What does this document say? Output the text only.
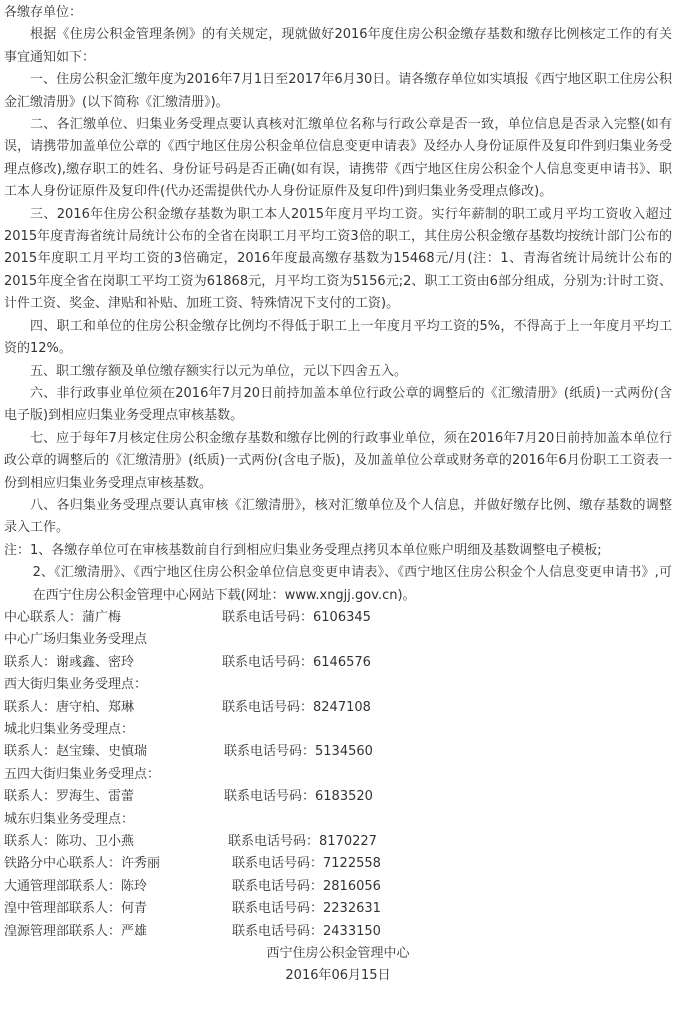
各缴存单位：

根据《住房公积金管理条例》的有关规定，现就做好2016年度住房公积金缴存基数和缴存比例核定工作的有关事宜通知如下：

一、住房公积金汇缴年度为2016年7月1日至2017年6月30日。请各缴存单位如实填报《西宁地区职工住房公积金汇缴清册》(以下简称《汇缴清册》)。

二、各汇缴单位、归集业务受理点要认真核对汇缴单位名称与行政公章是否一致，单位信息是否录入完整(如有误，请携带加盖单位公章的《西宁地区住房公积金单位信息变更申请表》及经办人身份证原件及复印件到归集业务受理点修改),缴存职工的姓名、身份证号码是否正确(如有误，请携带《西宁地区住房公积金个人信息变更申请书》、职工本人身份证原件及复印件(代办还需提供代办人身份证原件及复印件)到归集业务受理点修改)。

三、2016年住房公积金缴存基数为职工本人2015年度月平均工资。实行年薪制的职工或月平均工资收入超过2015年度青海省统计局统计公布的全省在岗职工月平均工资3倍的职工，其住房公积金缴存基数均按统计部门公布的2015年度职工月平均工资的3倍确定，2016年度最高缴存基数为15468元/月(注：1、青海省统计局统计公布的2015年度全省在岗职工平均工资为61868元，月平均工资为5156元;2、职工工资由6部分组成，分别为:计时工资、计件工资、奖金、津贴和补贴、加班工资、特殊情况下支付的工资)。

四、职工和单位的住房公积金缴存比例均不得低于职工上一年度月平均工资的5%，不得高于上一年度月平均工资的12%。

五、职工缴存额及单位缴存额实行以元为单位，元以下四舍五入。

六、非行政事业单位须在2016年7月20日前持加盖本单位行政公章的调整后的《汇缴清册》(纸质)一式两份(含电子版)到相应归集业务受理点审核基数。

七、应于每年7月核定住房公积金缴存基数和缴存比例的行政事业单位，须在2016年7月20日前持加盖本单位行政公章的调整后的《汇缴清册》(纸质)一式两份(含电子版)，及加盖单位公章或财务章的2016年6月份职工工资表一份到相应归集业务受理点审核基数。

八、各归集业务受理点要认真审核《汇缴清册》，核对汇缴单位及个人信息，并做好缴存比例、缴存基数的调整录入工作。

注：1、各缴存单位可在审核基数前自行到相应归集业务受理点拷贝本单位账户明细及基数调整电子模板;

2、《汇缴清册》、《西宁地区住房公积金单位信息变更申请表》、《西宁地区住房公积金个人信息变更申请书》,可在西宁住房公积金管理中心网站下载(网址：www.xngjj.gov.cn)。

中心联系人：蒲广梅	联系电话号码：6106345
中心广场归集业务受理点
联系人：谢彧鑫、密玲	联系电话号码：6146576
西大街归集业务受理点：
联系人：唐守柏、郑琳	联系电话号码：8247108
城北归集业务受理点：
联系人：赵宝臻、史慎瑞	联系电话号码：5134560
五四大街归集业务受理点：
联系人：罗海生、雷蕾	联系电话号码：6183520
城东归集业务受理点：
联系人：陈功、卫小燕	联系电话号码：8170227
铁路分中心联系人：许秀丽	联系电话号码：7122558
大通管理部联系人：陈玲	联系电话号码：2816056
湟中管理部联系人：何青	联系电话号码：2232631
湟源管理部联系人：严雄	联系电话号码：2433150
西宁住房公积金管理中心
2016年06月15日
